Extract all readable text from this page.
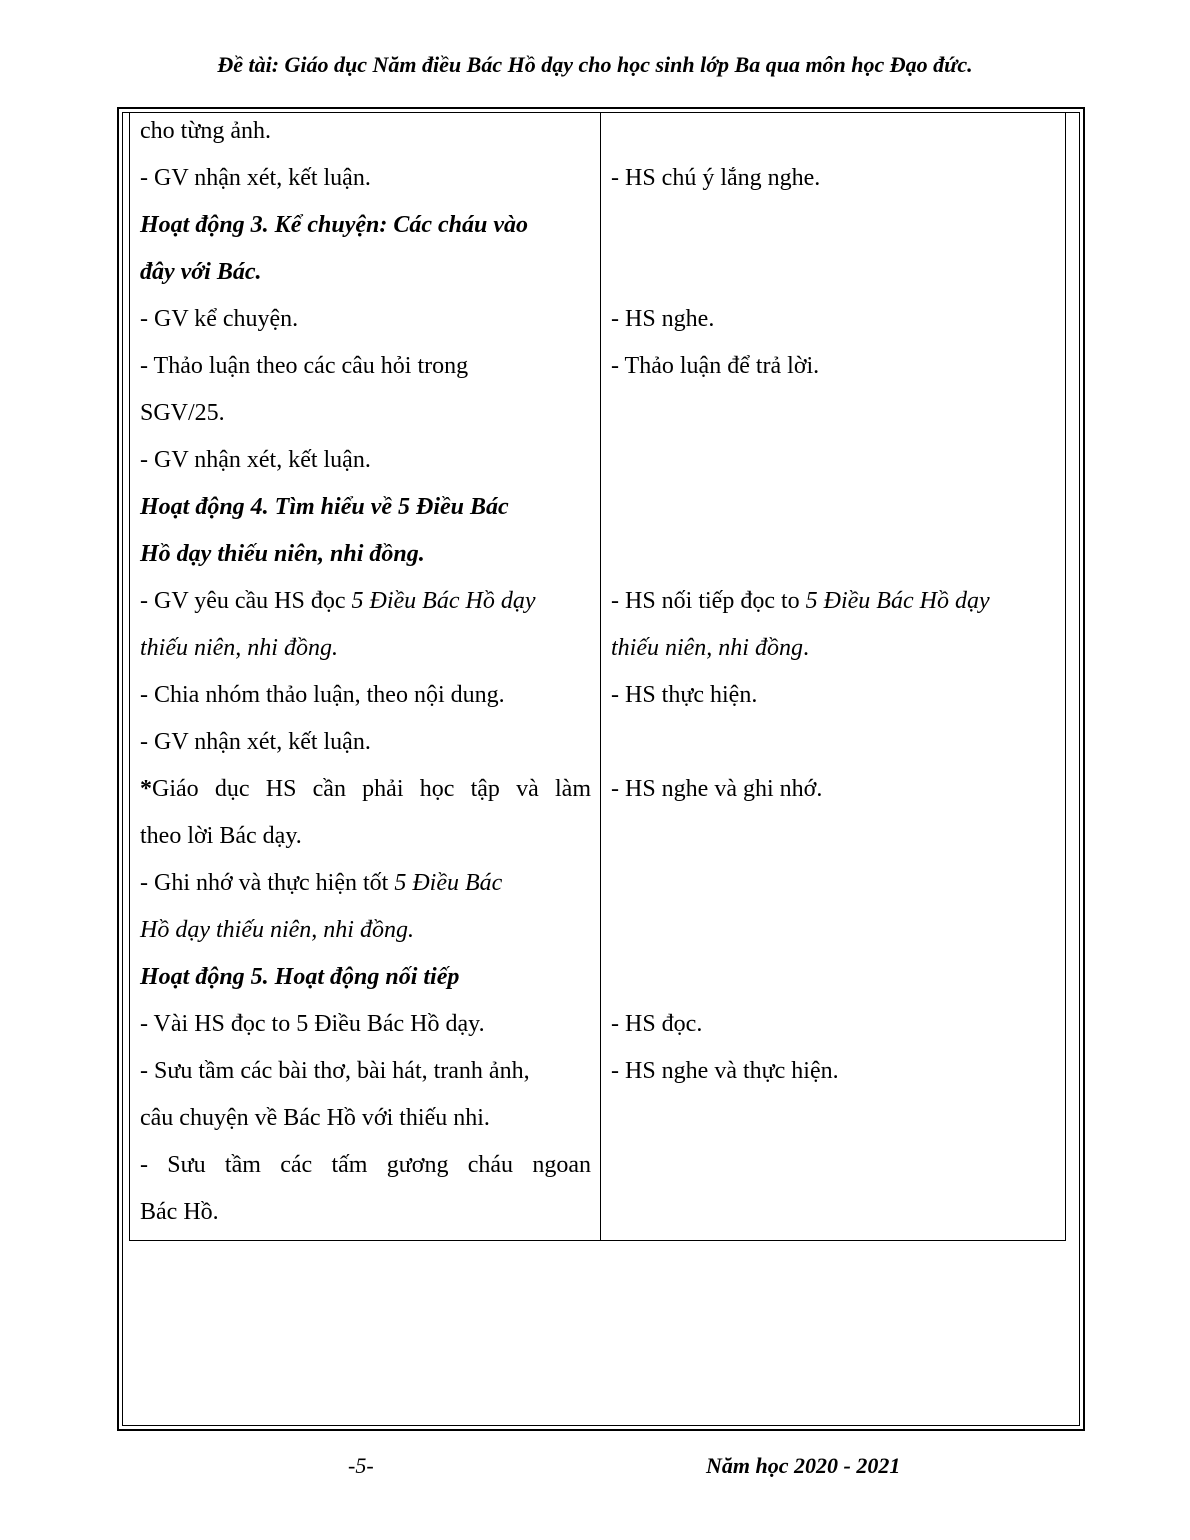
Đề tài: Giáo dục Năm điều Bác Hồ dạy cho học sinh lớp Ba qua môn học Đạo đức.
cho từng ảnh.
- GV nhận xét, kết luận.
Hoạt động 3. Kể chuyện: Các cháu vào
đây với Bác.
- GV kể chuyện.
- Thảo luận theo các câu hỏi trong
SGV/25.
- GV nhận xét, kết luận.
Hoạt động 4. Tìm hiểu về 5 Điều Bác
Hồ dạy thiếu niên, nhi đồng.
- GV yêu cầu HS đọc 5 Điều Bác Hồ dạy
thiếu niên, nhi đồng.
- Chia nhóm thảo luận, theo nội dung.
- GV nhận xét, kết luận.
*Giáo dục HS cần phải học tập và làm
theo lời Bác dạy.
- Ghi nhớ và thực hiện tốt 5 Điều Bác
Hồ dạy thiếu niên, nhi đồng.
Hoạt động 5. Hoạt động nối tiếp
- Vài HS đọc to 5 Điều Bác Hồ dạy.
- Sưu tầm các bài thơ, bài hát, tranh ảnh,
câu chuyện về Bác Hồ với thiếu nhi.
- Sưu tầm các tấm gương cháu ngoan
Bác Hồ.
- HS chú ý lắng nghe.
- HS nghe.
- Thảo luận để trả lời.
- HS nối tiếp đọc to 5 Điều Bác Hồ dạy
thiếu niên, nhi đồng.
- HS thực hiện.
- HS nghe và ghi nhớ.
- HS đọc.
- HS nghe và thực hiện.
-5-	Năm học 2020 - 2021
